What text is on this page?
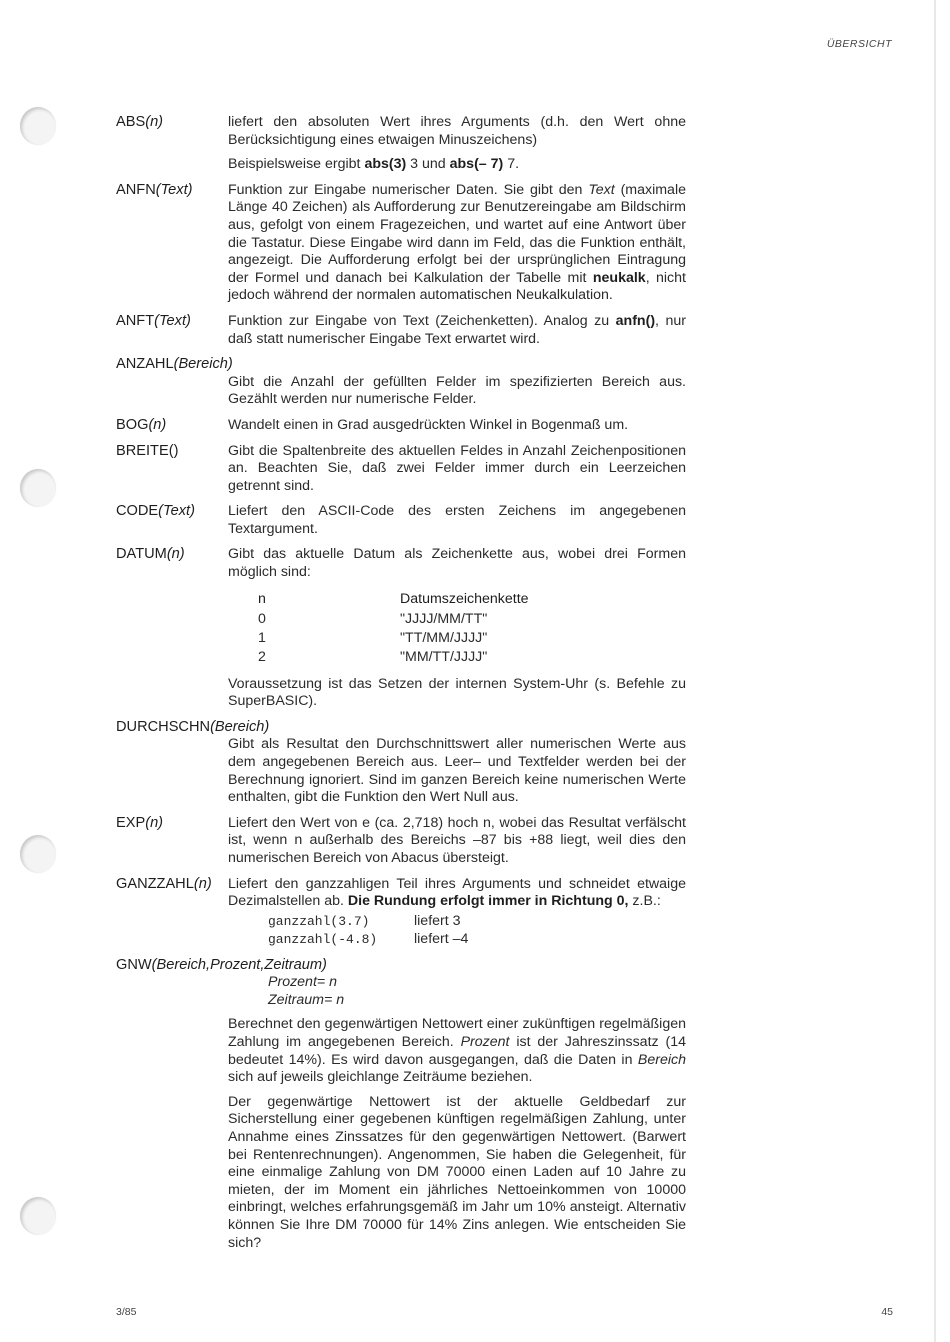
ÜBERSICHT
ABS(n)	liefert den absoluten Wert ihres Arguments (d.h. den Wert ohne Berücksichtigung eines etwaigen Minuszeichens)

Beispielsweise ergibt abs(3) 3 und abs(– 7) 7.

ANFN(Text)	Funktion zur Eingabe numerischer Daten. Sie gibt den Text (maximale Länge 40 Zeichen) als Aufforderung zur Benutzereingabe am Bildschirm aus, gefolgt von einem Fragezeichen, und wartet auf eine Antwort über die Tastatur. Diese Eingabe wird dann im Feld, das die Funktion enthält, angezeigt. Die Aufforderung erfolgt bei der ursprünglichen Eintragung der Formel und danach bei Kalkulation der Tabelle mit neukalk, nicht jedoch während der normalen automatischen Neukalkulation.

ANFT(Text)	Funktion zur Eingabe von Text (Zeichenketten). Analog zu anfn(), nur daß statt numerischer Eingabe Text erwartet wird.

ANZAHL(Bereich)

Gibt die Anzahl der gefüllten Felder im spezifizierten Bereich aus. Gezählt werden nur numerische Felder.

BOG(n)	Wandelt einen in Grad ausgedrückten Winkel in Bogenmaß um.

BREITE()	Gibt die Spaltenbreite des aktuellen Feldes in Anzahl Zeichenpositionen an. Beachten Sie, daß zwei Felder immer durch ein Leerzeichen getrennt sind.

CODE(Text) Liefert den ASCII-Code des ersten Zeichens im angegebenen Textargument.

DATUM(n)	Gibt das aktuelle Datum als Zeichenkette aus, wobei drei Formen möglich sind:

n	Datumszeichenkette
0	"JJJJ/MM/TT"
1	"TT/MM/JJJJ"
2	"MM/TT/JJJJ"

Voraussetzung ist das Setzen der internen System-Uhr (s. Befehle zu SuperBASIC).

DURCHSCHN(Bereich)

Gibt als Resultat den Durchschnittswert aller numerischen Werte aus dem angegebenen Bereich aus. Leer– und Textfelder werden bei der Berechnung ignoriert. Sind im ganzen Bereich keine numerischen Werte enthalten, gibt die Funktion den Wert Null aus.

EXP(n)	Liefert den Wert von e (ca. 2,718) hoch n, wobei das Resultat verfälscht ist, wenn n außerhalb des Bereichs –87 bis +88 liegt, weil dies den numerischen Bereich von Abacus übersteigt.

GANZZAHL(n) Liefert den ganzzahligen Teil ihres Arguments und schneidet etwaige Dezimalstellen ab. Die Rundung erfolgt immer in Richtung 0, z.B.:

ganzzahl(3.7)	liefert 3
ganzzahl(-4.8)	liefert –4
GNW(Bereich,Prozent,Zeitraum)
Prozent= n
Zeitraum= n

Berechnet den gegenwärtigen Nettowert einer zukünftigen regelmäßigen Zahlung im angegebenen Bereich. Prozent ist der Jahreszinssatz (14 bedeutet 14%). Es wird davon ausgegangen, daß die Daten in Bereich sich auf jeweils gleichlange Zeiträume beziehen.

Der gegenwärtige Nettowert ist der aktuelle Geldbedarf zur Sicherstellung einer gegebenen künftigen regelmäßigen Zahlung, unter Annahme eines Zinssatzes für den gegenwärtigen Nettowert. (Barwert bei Rentenrechnungen). Angenommen, Sie haben die Gelegenheit, für eine einmalige Zahlung von DM 70000 einen Laden auf 10 Jahre zu mieten, der im Moment ein jährliches Nettoeinkommen von 10000 einbringt, welches erfahrungsgemäß im Jahr um 10% ansteigt. Alternativ können Sie Ihre DM 70000 für 14% Zins anlegen. Wie entscheiden Sie sich?

3/85	45
